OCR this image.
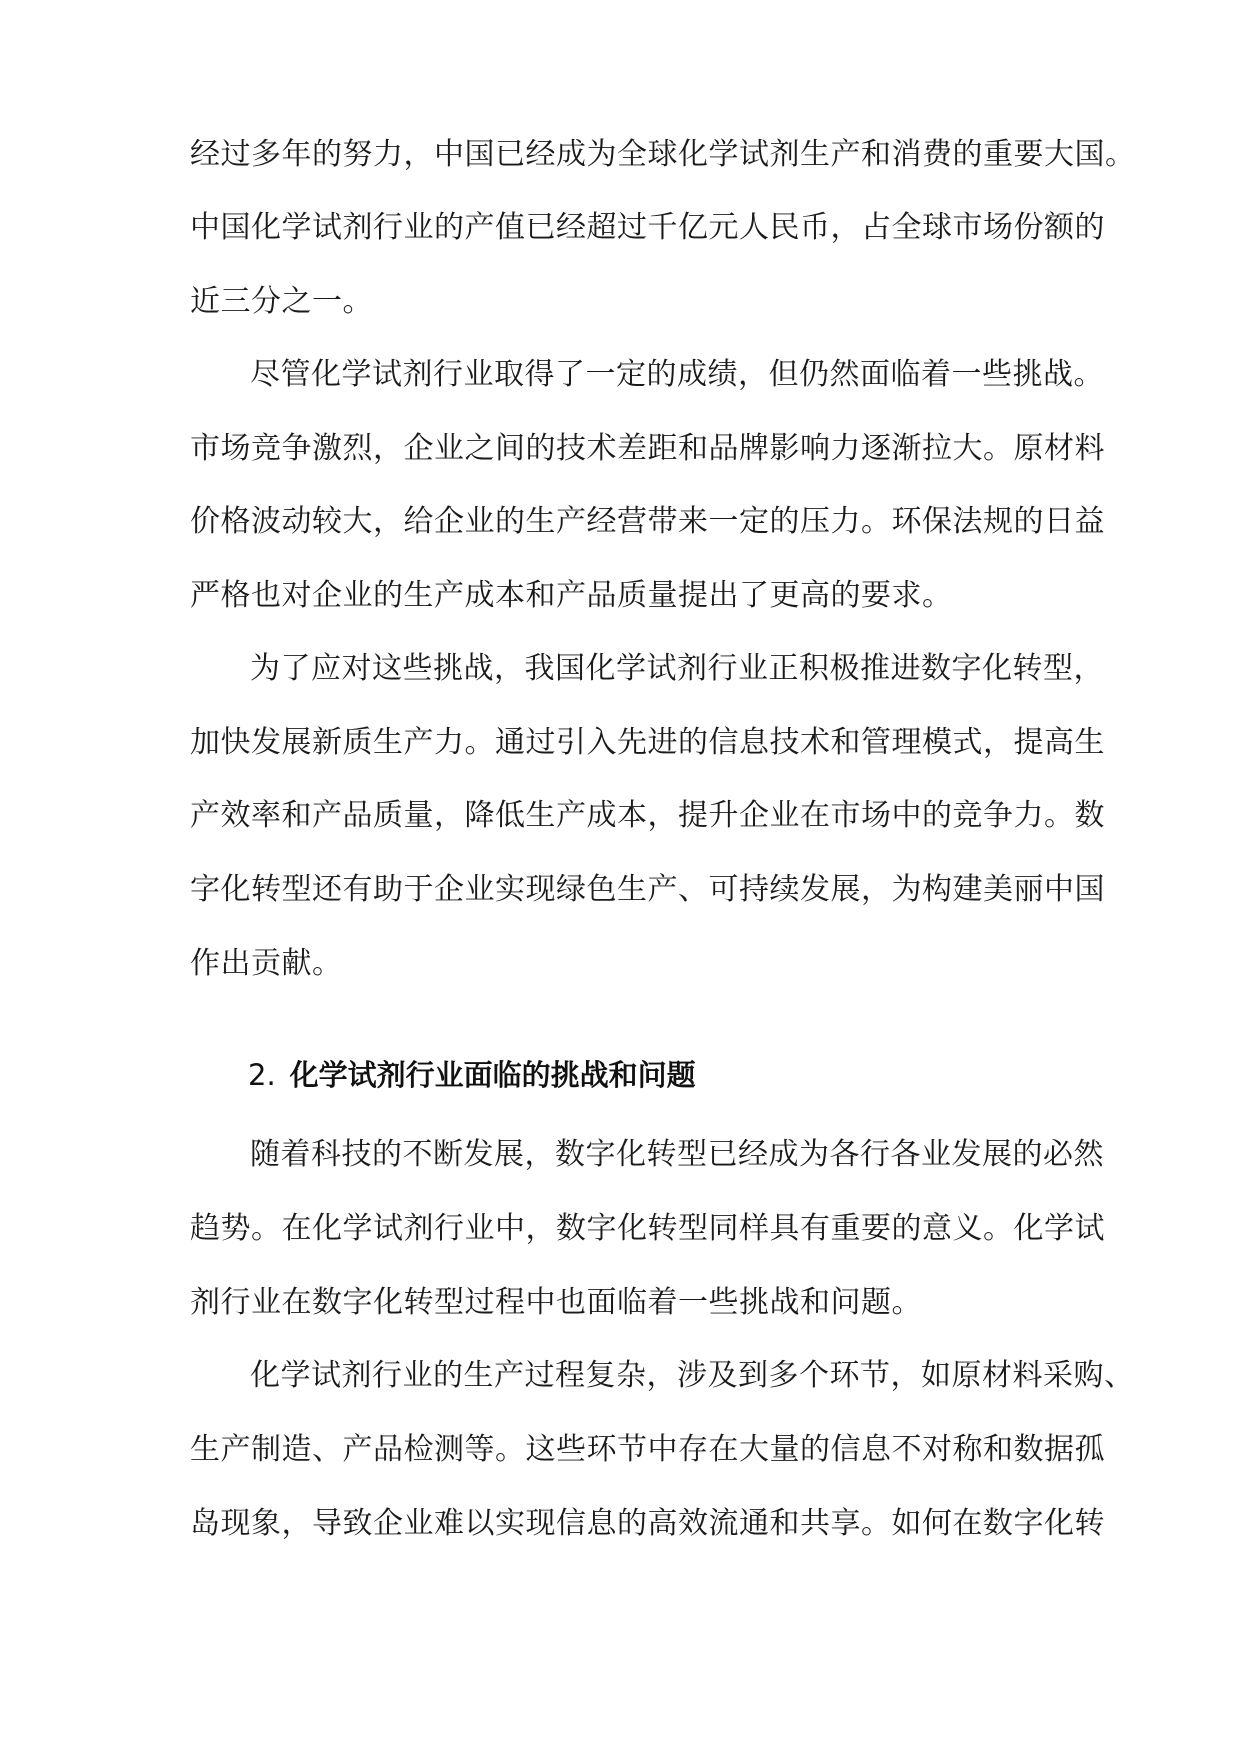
经过多年的努力，中国已经成为全球化学试剂生产和消费的重要大国。
中国化学试剂行业的产值已经超过千亿元人民币，占全球市场份额的
近三分之一。
尽管化学试剂行业取得了一定的成绩，但仍然面临着一些挑战。
市场竞争激烈，企业之间的技术差距和品牌影响力逐渐拉大。原材料
价格波动较大，给企业的生产经营带来一定的压力。环保法规的日益
严格也对企业的生产成本和产品质量提出了更高的要求。
为了应对这些挑战，我国化学试剂行业正积极推进数字化转型，
加快发展新质生产力。通过引入先进的信息技术和管理模式，提高生
产效率和产品质量，降低生产成本，提升企业在市场中的竞争力。数
字化转型还有助于企业实现绿色生产、可持续发展，为构建美丽中国
作出贡献。
2. 化学试剂行业面临的挑战和问题
随着科技的不断发展，数字化转型已经成为各行各业发展的必然
趋势。在化学试剂行业中，数字化转型同样具有重要的意义。化学试
剂行业在数字化转型过程中也面临着一些挑战和问题。
化学试剂行业的生产过程复杂，涉及到多个环节，如原材料采购、
生产制造、产品检测等。这些环节中存在大量的信息不对称和数据孤
岛现象，导致企业难以实现信息的高效流通和共享。如何在数字化转
